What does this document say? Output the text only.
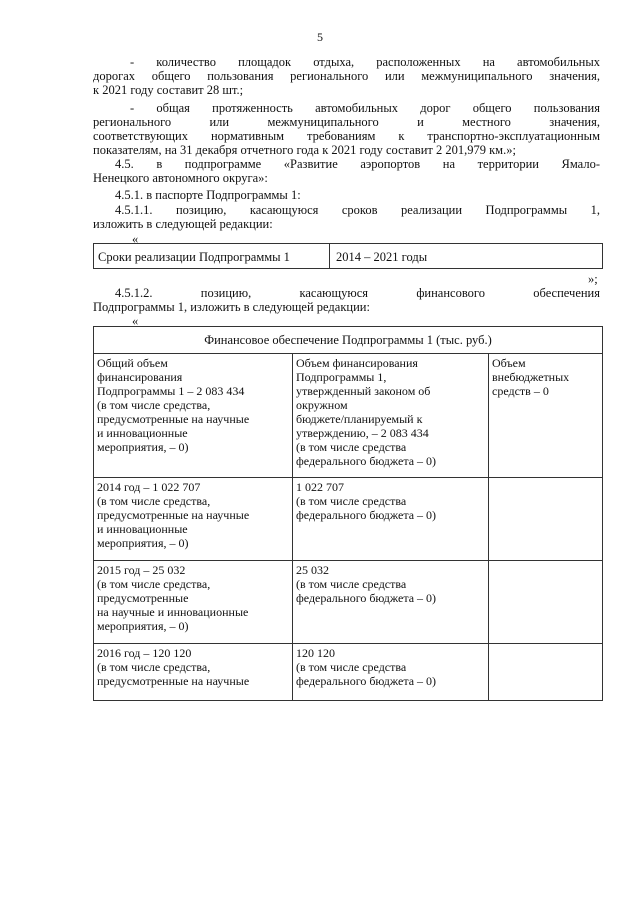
5
- количество площадок отдыха, расположенных на автомобильных
дорогах общего пользования регионального или межмуниципального значения,
к 2021 году составит 28 шт.;
- общая протяженность автомобильных дорог общего пользования
регионального или межмуниципального и местного значения,
соответствующих нормативным требованиям к транспортно-эксплуатационным
показателям, на 31 декабря отчетного года к 2021 году составит 2 201,979 км.»;
4.5. в подпрограмме «Развитие аэропортов на территории Ямало-
Ненецкого автономного округа»:
4.5.1. в паспорте Подпрограммы 1:
4.5.1.1. позицию, касающуюся сроков реализации Подпрограммы 1,
изложить в следующей редакции:
«
Сроки реализации Подпрограммы 1	2014 – 2021 годы
»;
4.5.1.2. позицию, касающуюся финансового обеспечения
Подпрограммы 1, изложить в следующей редакции:
«
Финансовое обеспечение Подпрограммы 1 (тыс. руб.)
Общий объем
финансирования
Подпрограммы 1 – 2 083 434
(в том числе средства,
предусмотренные на научные
и инновационные
мероприятия, – 0)
Объем финансирования
Подпрограммы 1,
утвержденный законом об
окружном
бюджете/планируемый к
утверждению, – 2 083 434
(в том числе средства
федерального бюджета – 0)
Объем
внебюджетных
средств – 0
2014 год – 1 022 707
(в том числе средства,
предусмотренные на научные
и инновационные
мероприятия, – 0)
1 022 707
(в том числе средства
федерального бюджета – 0)
2015 год – 25 032
(в том числе средства,
предусмотренные
на научные и инновационные
мероприятия, – 0)
25 032
(в том числе средства
федерального бюджета – 0)
2016 год – 120 120
(в том числе средства,
предусмотренные на научные
120 120
(в том числе средства
федерального бюджета – 0)
